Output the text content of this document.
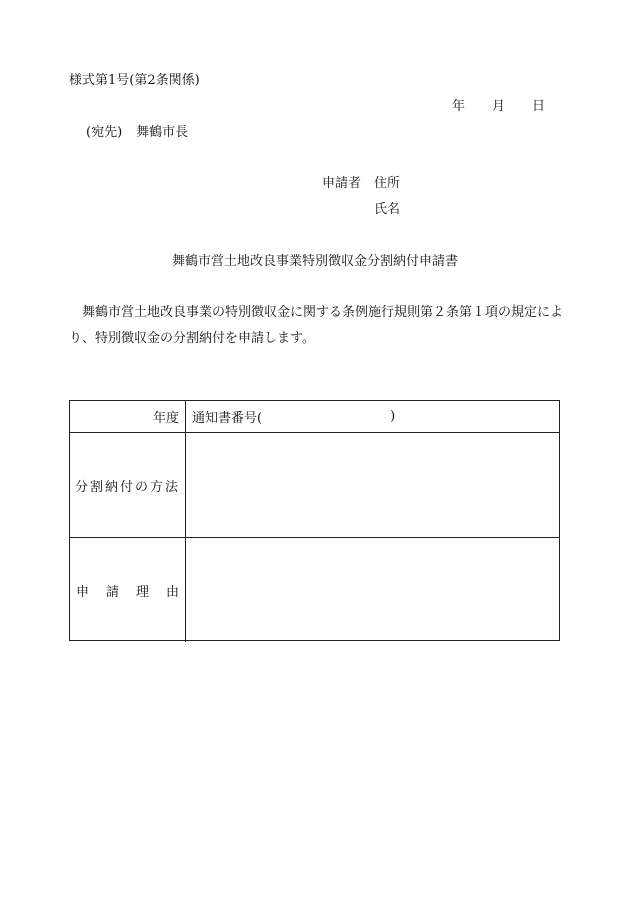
様式第1号(第2条関係)
年 月 日
(宛先) 舞鶴市長
申請者 住所
氏名
舞鶴市営土地改良事業特別徴収金分割納付申請書
舞鶴市営土地改良事業の特別徴収金に関する条例施行規則第２条第１項の規定により、特別徴収金の分割納付を申請します。
年度 通知書番号(	)
分割納付の方法
申 請 理 由
